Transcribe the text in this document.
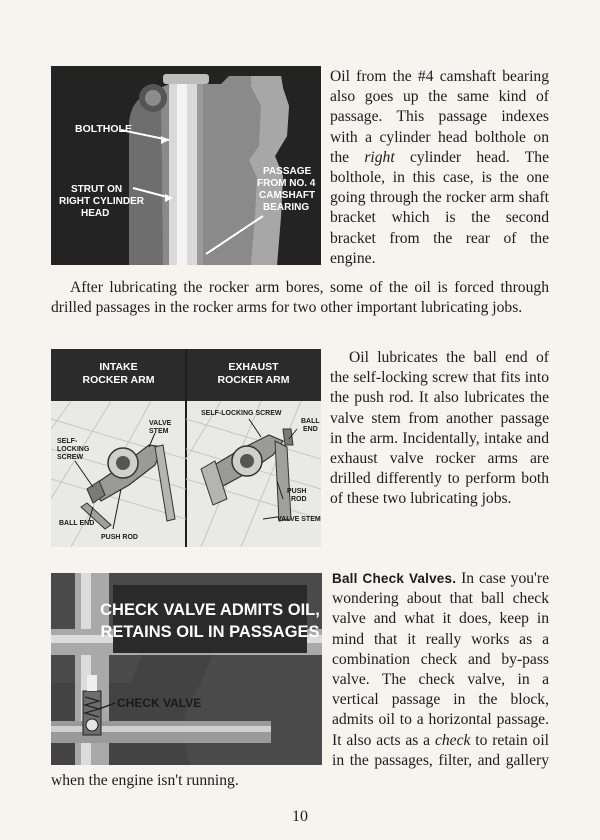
BOLTHOLE
STRUT ON
RIGHT CYLINDER
HEAD
PASSAGE
FROM NO. 4
CAMSHAFT
BEARING

Oil from the #4 camshaft bearing also goes up the same kind of passage. This passage indexes with a cylinder head bolthole on the right cylinder head. The bolthole, in this case, is the one going through the rocker arm shaft bracket which is the second bracket from the rear of the engine.

After lubricating the rocker arm bores, some of the oil is forced through drilled passages in the rocker arms for two other important lubricating jobs.

INTAKE
ROCKER ARM
EXHAUST
ROCKER ARM
VALVE
STEM
SELF-
LOCKING
SCREW
BALL END
PUSH ROD
SELF-LOCKING SCREW
BALL
END
PUSH
ROD
VALVE STEM

Oil lubricates the ball end of the self-locking screw that fits into the push rod. It also lubricates the valve stem from another passage in the arm. Incidentally, intake and exhaust valve rocker arms are drilled differently to perform both of these two lubricating jobs.

CHECK VALVE ADMITS OIL,
RETAINS OIL IN PASSAGES
CHECK VALVE
Ball Check Valves. In case you're wondering about that ball check valve and what it does, keep in mind that it really works as a combination check and by-pass valve. The check valve, in a vertical passage in the block, admits oil to a horizontal passage. It also acts as a check to retain oil in the passages, filter, and gallery when the engine isn't running.
10
